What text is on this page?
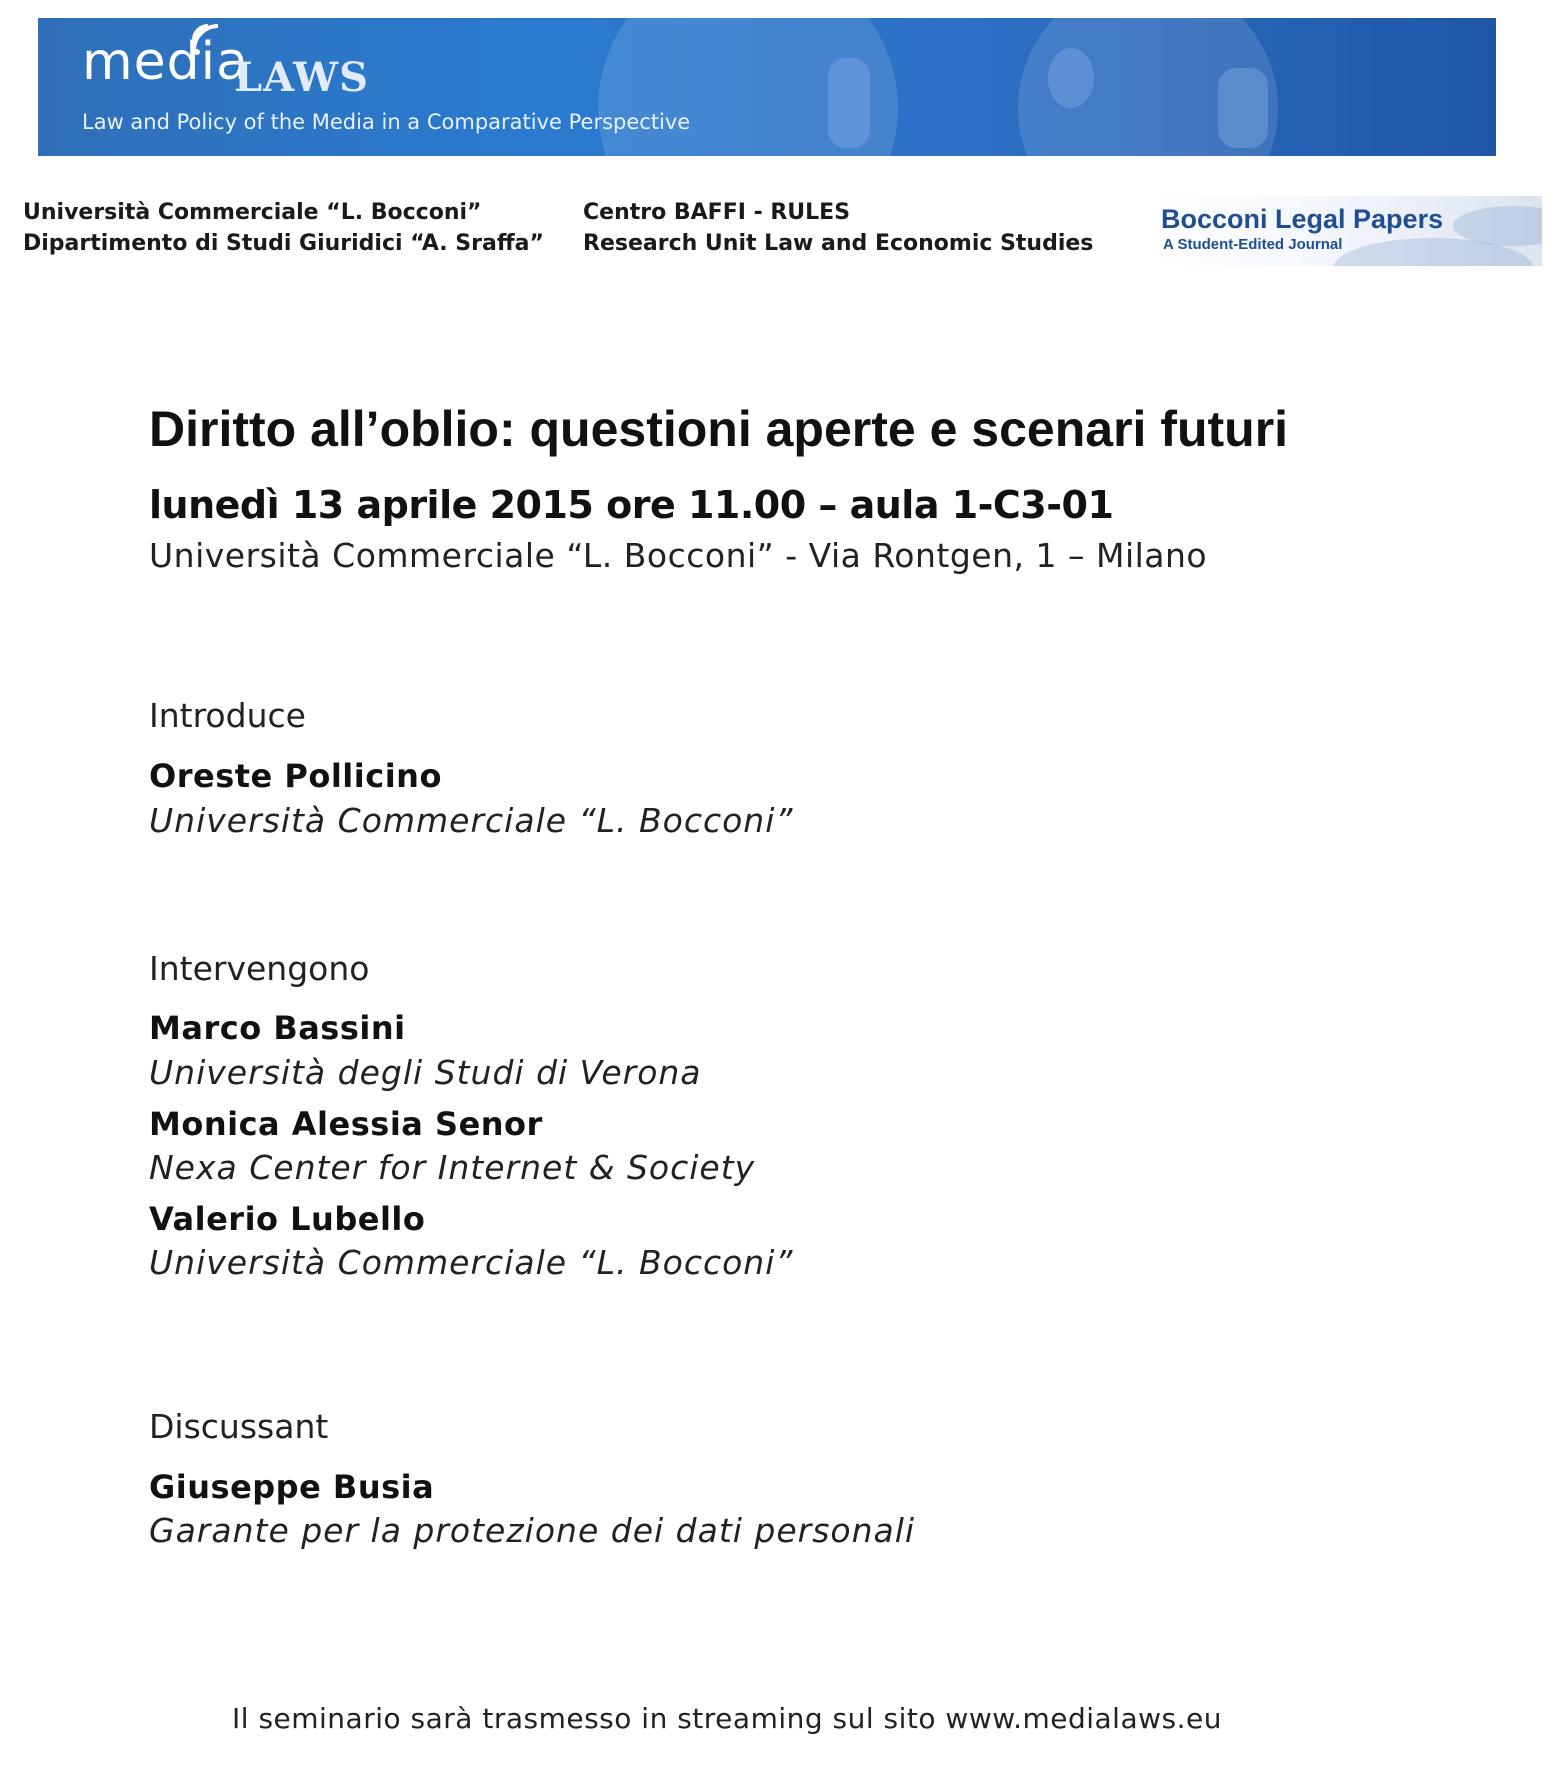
media
LAWS
Law and Policy of the Media in a Comparative Perspective
Università Commerciale “L. Bocconi”
Dipartimento di Studi Giuridici “A. Sraffa”
Centro BAFFI - RULES
Research Unit Law and Economic Studies
Bocconi Legal Papers
A Student-Edited Journal
Diritto all’oblio: questioni aperte e scenari futuri
lunedì 13 aprile 2015 ore 11.00 – aula 1-C3-01
Università Commerciale “L. Bocconi” - Via Rontgen, 1 – Milano
Introduce
Oreste Pollicino
Università Commerciale “L. Bocconi”
Intervengono
Marco Bassini
Università degli Studi di Verona
Monica Alessia Senor
Nexa Center for Internet & Society
Valerio Lubello
Università Commerciale “L. Bocconi”
Discussant
Giuseppe Busia
Garante per la protezione dei dati personali
Il seminario sarà trasmesso in streaming sul sito www.medialaws.eu
